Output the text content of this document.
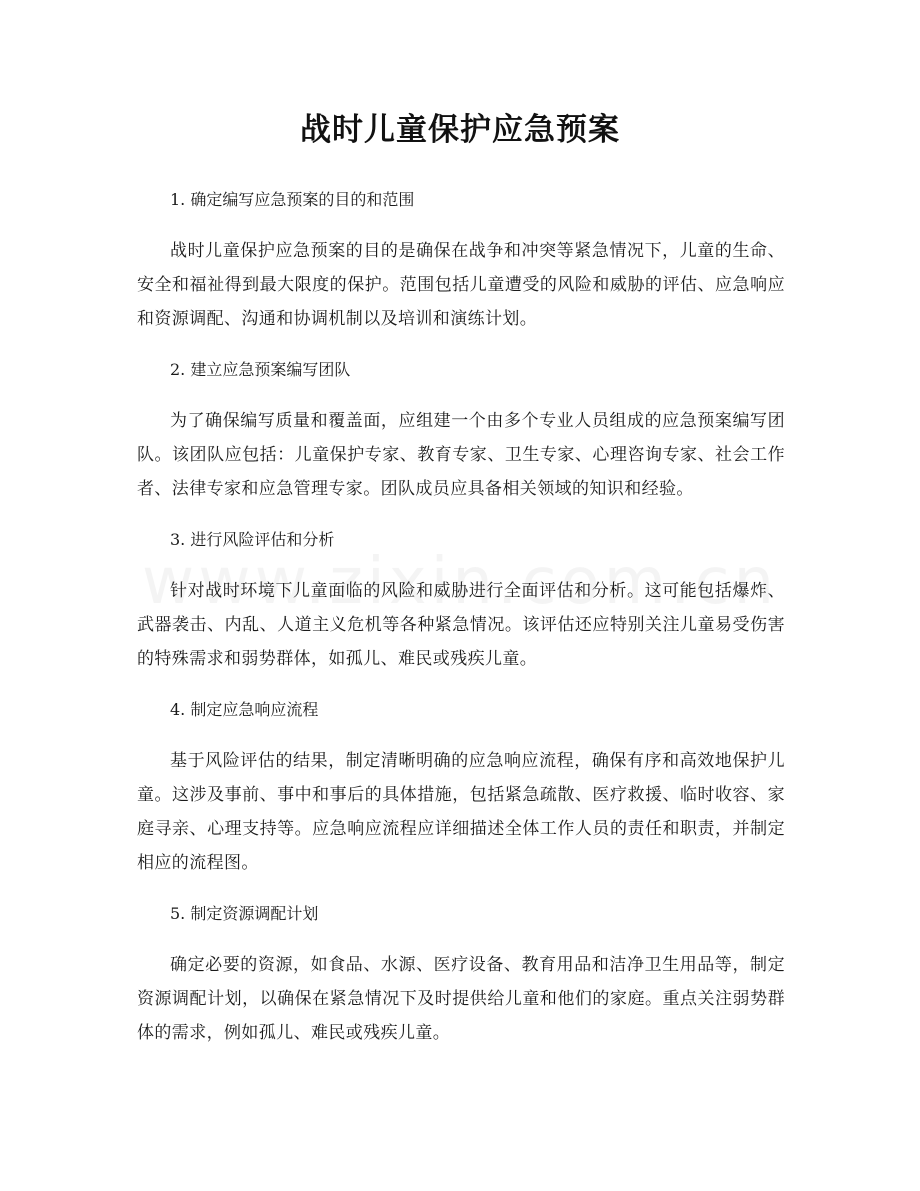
战时儿童保护应急预案
1. 确定编写应急预案的目的和范围

战时儿童保护应急预案的目的是确保在战争和冲突等紧急情况下，儿童的生命、安全和福祉得到最大限度的保护。范围包括儿童遭受的风险和威胁的评估、应急响应和资源调配、沟通和协调机制以及培训和演练计划。

2. 建立应急预案编写团队

为了确保编写质量和覆盖面，应组建一个由多个专业人员组成的应急预案编写团队。该团队应包括：儿童保护专家、教育专家、卫生专家、心理咨询专家、社会工作者、法律专家和应急管理专家。团队成员应具备相关领域的知识和经验。

3. 进行风险评估和分析

针对战时环境下儿童面临的风险和威胁进行全面评估和分析。这可能包括爆炸、武器袭击、内乱、人道主义危机等各种紧急情况。该评估还应特别关注儿童易受伤害的特殊需求和弱势群体，如孤儿、难民或残疾儿童。

4. 制定应急响应流程

基于风险评估的结果，制定清晰明确的应急响应流程，确保有序和高效地保护儿童。这涉及事前、事中和事后的具体措施，包括紧急疏散、医疗救援、临时收容、家庭寻亲、心理支持等。应急响应流程应详细描述全体工作人员的责任和职责，并制定相应的流程图。

5. 制定资源调配计划

确定必要的资源，如食品、水源、医疗设备、教育用品和洁净卫生用品等，制定资源调配计划，以确保在紧急情况下及时提供给儿童和他们的家庭。重点关注弱势群体的需求，例如孤儿、难民或残疾儿童。
